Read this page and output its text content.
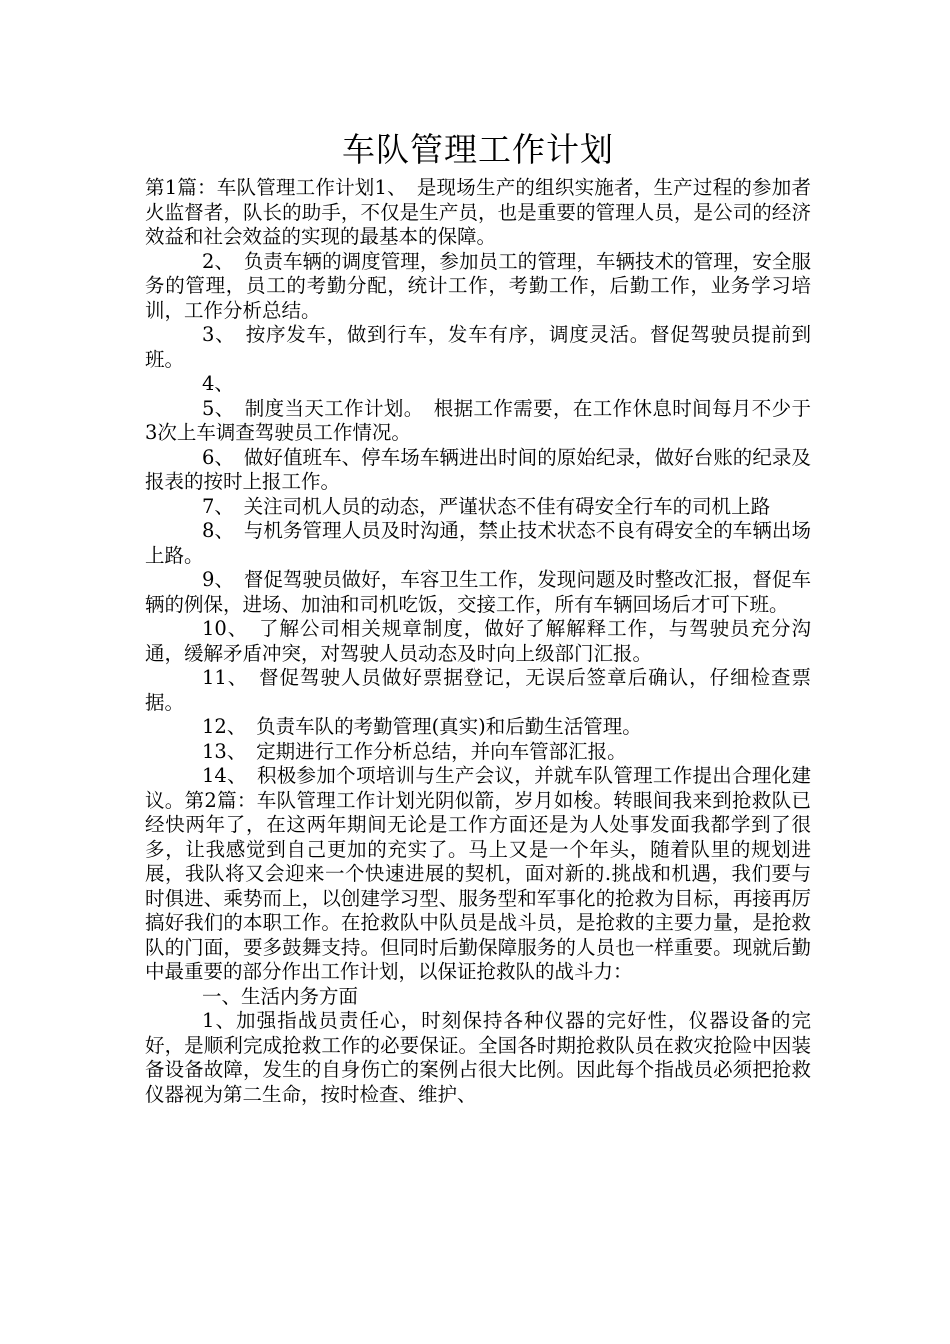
车队管理工作计划

第1篇：车队管理工作计划1、　是现场生产的组织实施者，生产过程的参加者火监督者，队长的助手，不仅是生产员，也是重要的管理人员，是公司的经济效益和社会效益的实现的最基本的保障。

2、　负责车辆的调度管理，参加员工的管理，车辆技术的管理，安全服务的管理，员工的考勤分配，统计工作，考勤工作，后勤工作，业务学习培训，工作分析总结。

3、　按序发车，做到行车，发车有序，调度灵活。督促驾驶员提前到班。

4、

5、　制度当天工作计划。　根据工作需要，在工作休息时间每月不少于3次上车调查驾驶员工作情况。

6、　做好值班车、停车场车辆进出时间的原始纪录，做好台账的纪录及报表的按时上报工作。

7、　关注司机人员的动态，严谨状态不佳有碍安全行车的司机上路

8、　与机务管理人员及时沟通，禁止技术状态不良有碍安全的车辆出场上路。

9、　督促驾驶员做好，车容卫生工作，发现问题及时整改汇报，督促车辆的例保，进场、加油和司机吃饭，交接工作，所有车辆回场后才可下班。

10、　了解公司相关规章制度，做好了解解释工作，与驾驶员充分沟通，缓解矛盾冲突，对驾驶人员动态及时向上级部门汇报。

11、　督促驾驶人员做好票据登记，无误后签章后确认，仔细检查票据。

12、　负责车队的考勤管理(真实)和后勤生活管理。

13、　定期进行工作分析总结，并向车管部汇报。

14、　积极参加个项培训与生产会议，并就车队管理工作提出合理化建议。第2篇：车队管理工作计划光阴似箭，岁月如梭。转眼间我来到抢救队已经快两年了，在这两年期间无论是工作方面还是为人处事发面我都学到了很多，让我感觉到自己更加的充实了。马上又是一个年头，随着队里的规划进展，我队将又会迎来一个快速进展的契机，面对新的.挑战和机遇，我们要与时俱进、乘势而上，以创建学习型、服务型和军事化的抢救为目标，再接再厉搞好我们的本职工作。在抢救队中队员是战斗员，是抢救的主要力量，是抢救队的门面，要多鼓舞支持。但同时后勤保障服务的人员也一样重要。现就后勤中最重要的部分作出工作计划，以保证抢救队的战斗力：

一、生活内务方面

1、加强指战员责任心，时刻保持各种仪器的完好性，仪器设备的完好，是顺利完成抢救工作的必要保证。全国各时期抢救队员在救灾抢险中因装备设备故障，发生的自身伤亡的案例占很大比例。因此每个指战员必须把抢救仪器视为第二生命，按时检查、维护、
